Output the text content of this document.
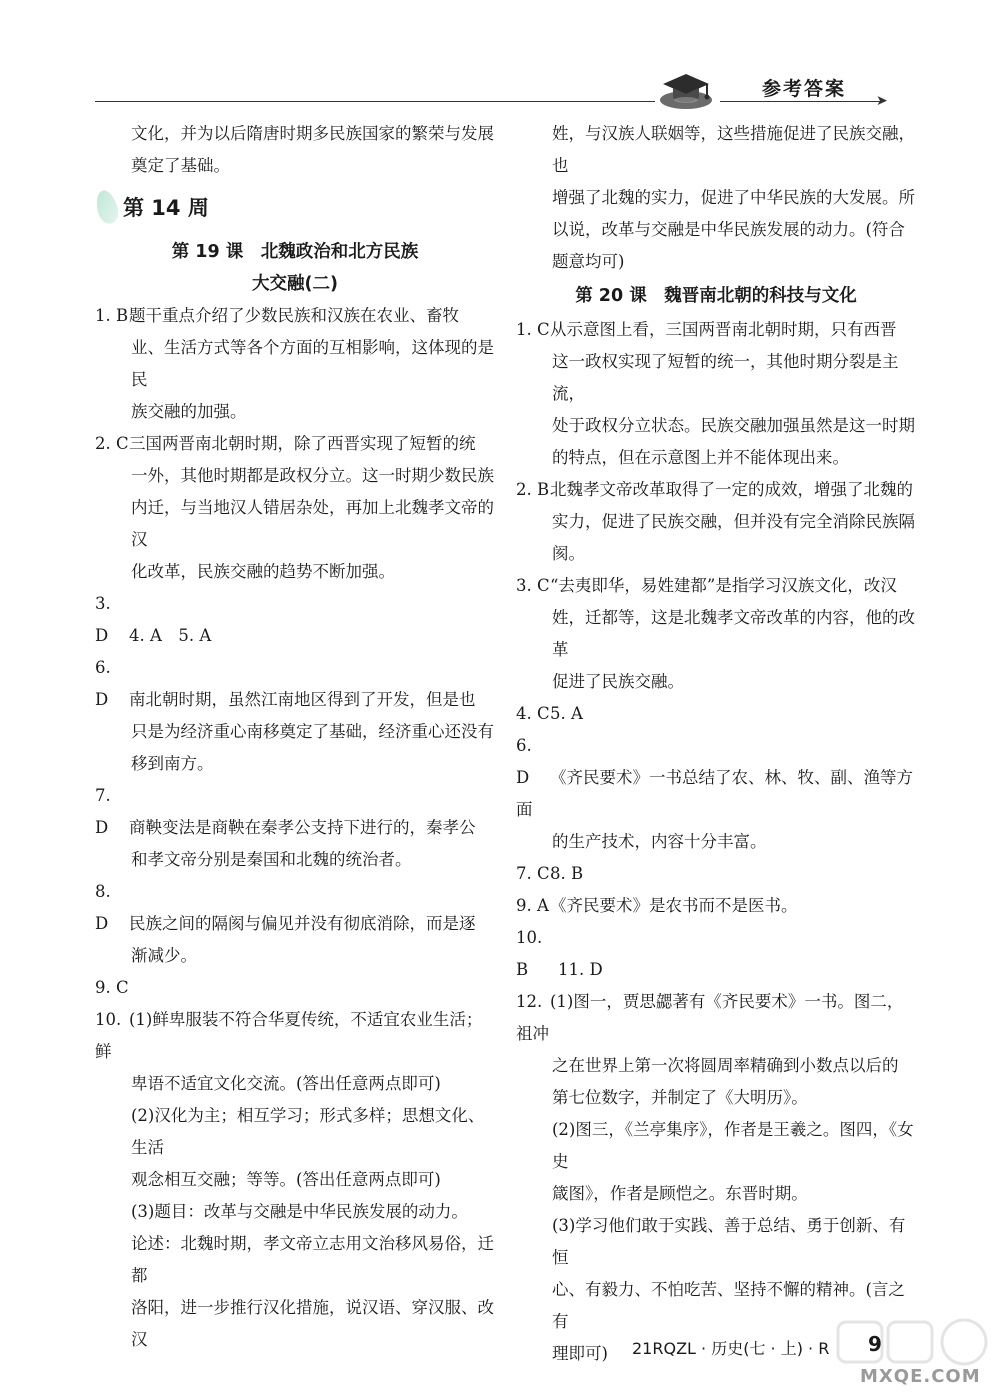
参考答案
➤

文化，并为以后隋唐时期多民族国家的繁荣与发展

奠定了基础。

第 14 周

第 19 课　北魏政治和北方民族

大交融(二)

1. B题干重点介绍了少数民族和汉族在农业、畜牧

业、生活方式等各个方面的互相影响，这体现的是民

族交融的加强。

2. C三国两晋南北朝时期，除了西晋实现了短暂的统

一外，其他时期都是政权分立。这一时期少数民族

内迁，与当地汉人错居杂处，再加上北魏孝文帝的汉

化改革，民族交融的趋势不断加强。

3. D 4. A　5. A

6. D 南北朝时期，虽然江南地区得到了开发，但是也

只是为经济重心南移奠定了基础，经济重心还没有

移到南方。

7. D 商鞅变法是商鞅在秦孝公支持下进行的，秦孝公

和孝文帝分别是秦国和北魏的统治者。

8. D 民族之间的隔阂与偏见并没有彻底消除，而是逐

渐减少。

9. C

10. (1)鲜卑服装不符合华夏传统，不适宜农业生活；鲜

卑语不适宜文化交流。(答出任意两点即可)

(2)汉化为主；相互学习；形式多样；思想文化、生活

观念相互交融；等等。(答出任意两点即可)

(3)题目：改革与交融是中华民族发展的动力。

论述：北魏时期，孝文帝立志用文治移风易俗，迁都

洛阳，进一步推行汉化措施，说汉语、穿汉服、改汉

姓，与汉族人联姻等，这些措施促进了民族交融，也

增强了北魏的实力，促进了中华民族的大发展。所

以说，改革与交融是中华民族发展的动力。(符合

题意均可)

第 20 课　魏晋南北朝的科技与文化

1. C从示意图上看，三国两晋南北朝时期，只有西晋

这一政权实现了短暂的统一，其他时期分裂是主流，

处于政权分立状态。民族交融加强虽然是这一时期

的特点，但在示意图上并不能体现出来。

2. B北魏孝文帝改革取得了一定的成效，增强了北魏的

实力，促进了民族交融，但并没有完全消除民族隔阂。

3. C“去夷即华，易姓建都”是指学习汉族文化，改汉

姓，迁都等，这是北魏孝文帝改革的内容，他的改革

促进了民族交融。

4. C5. A

6. D 《齐民要术》一书总结了农、林、牧、副、渔等方面

的生产技术，内容十分丰富。

7. C8. B

9. A《齐民要术》是农书而不是医书。

10. B 11. D

12. (1)图一，贾思勰著有《齐民要术》一书。图二，祖冲

之在世界上第一次将圆周率精确到小数点以后的

第七位数字，并制定了《大明历》。

(2)图三，《兰亭集序》，作者是王羲之。图四，《女史

箴图》，作者是顾恺之。东晋时期。

(3)学习他们敢于实践、善于总结、勇于创新、有恒

心、有毅力、不怕吃苦、坚持不懈的精神。(言之有

理即可)	21RQZL · 历史(七 · 上) · R 9
MXQE.COM
